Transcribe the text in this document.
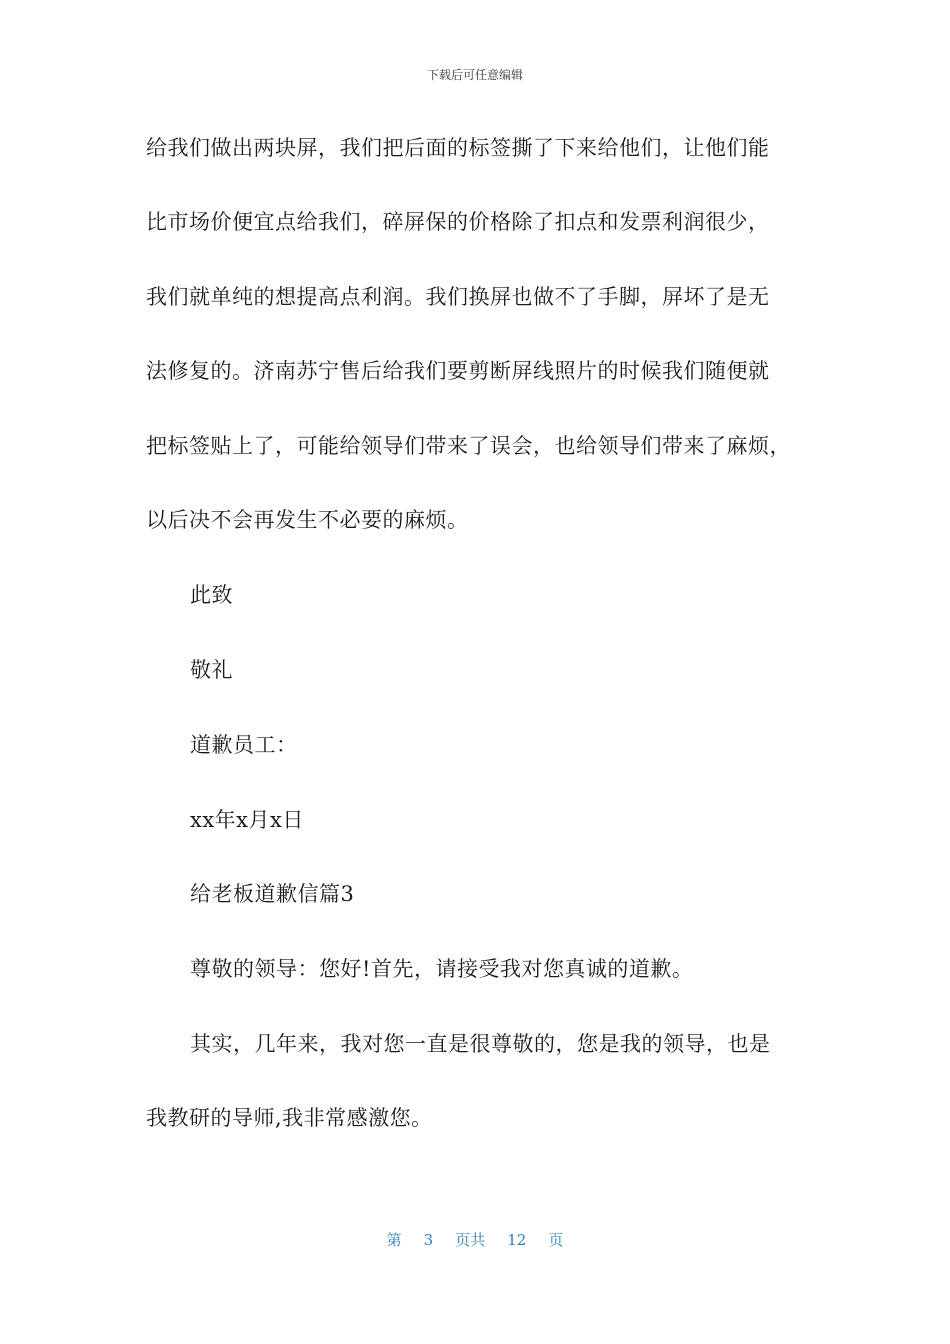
下载后可任意编辑
给我们做出两块屏，我们把后面的标签撕了下来给他们，让他们能
比市场价便宜点给我们，碎屏保的价格除了扣点和发票利润很少，
我们就单纯的想提高点利润。我们换屏也做不了手脚，屏坏了是无
法修复的。济南苏宁售后给我们要剪断屏线照片的时候我们随便就
把标签贴上了，可能给领导们带来了误会，也给领导们带来了麻烦，
以后决不会再发生不必要的麻烦。
此致
敬礼
道歉员工：
xx年x月x日
给老板道歉信篇3
尊敬的领导：您好!首先，请接受我对您真诚的道歉。
其实，几年来，我对您一直是很尊敬的，您是我的领导，也是
我教研的导师,我非常感激您。
第 3 页共 12 页
